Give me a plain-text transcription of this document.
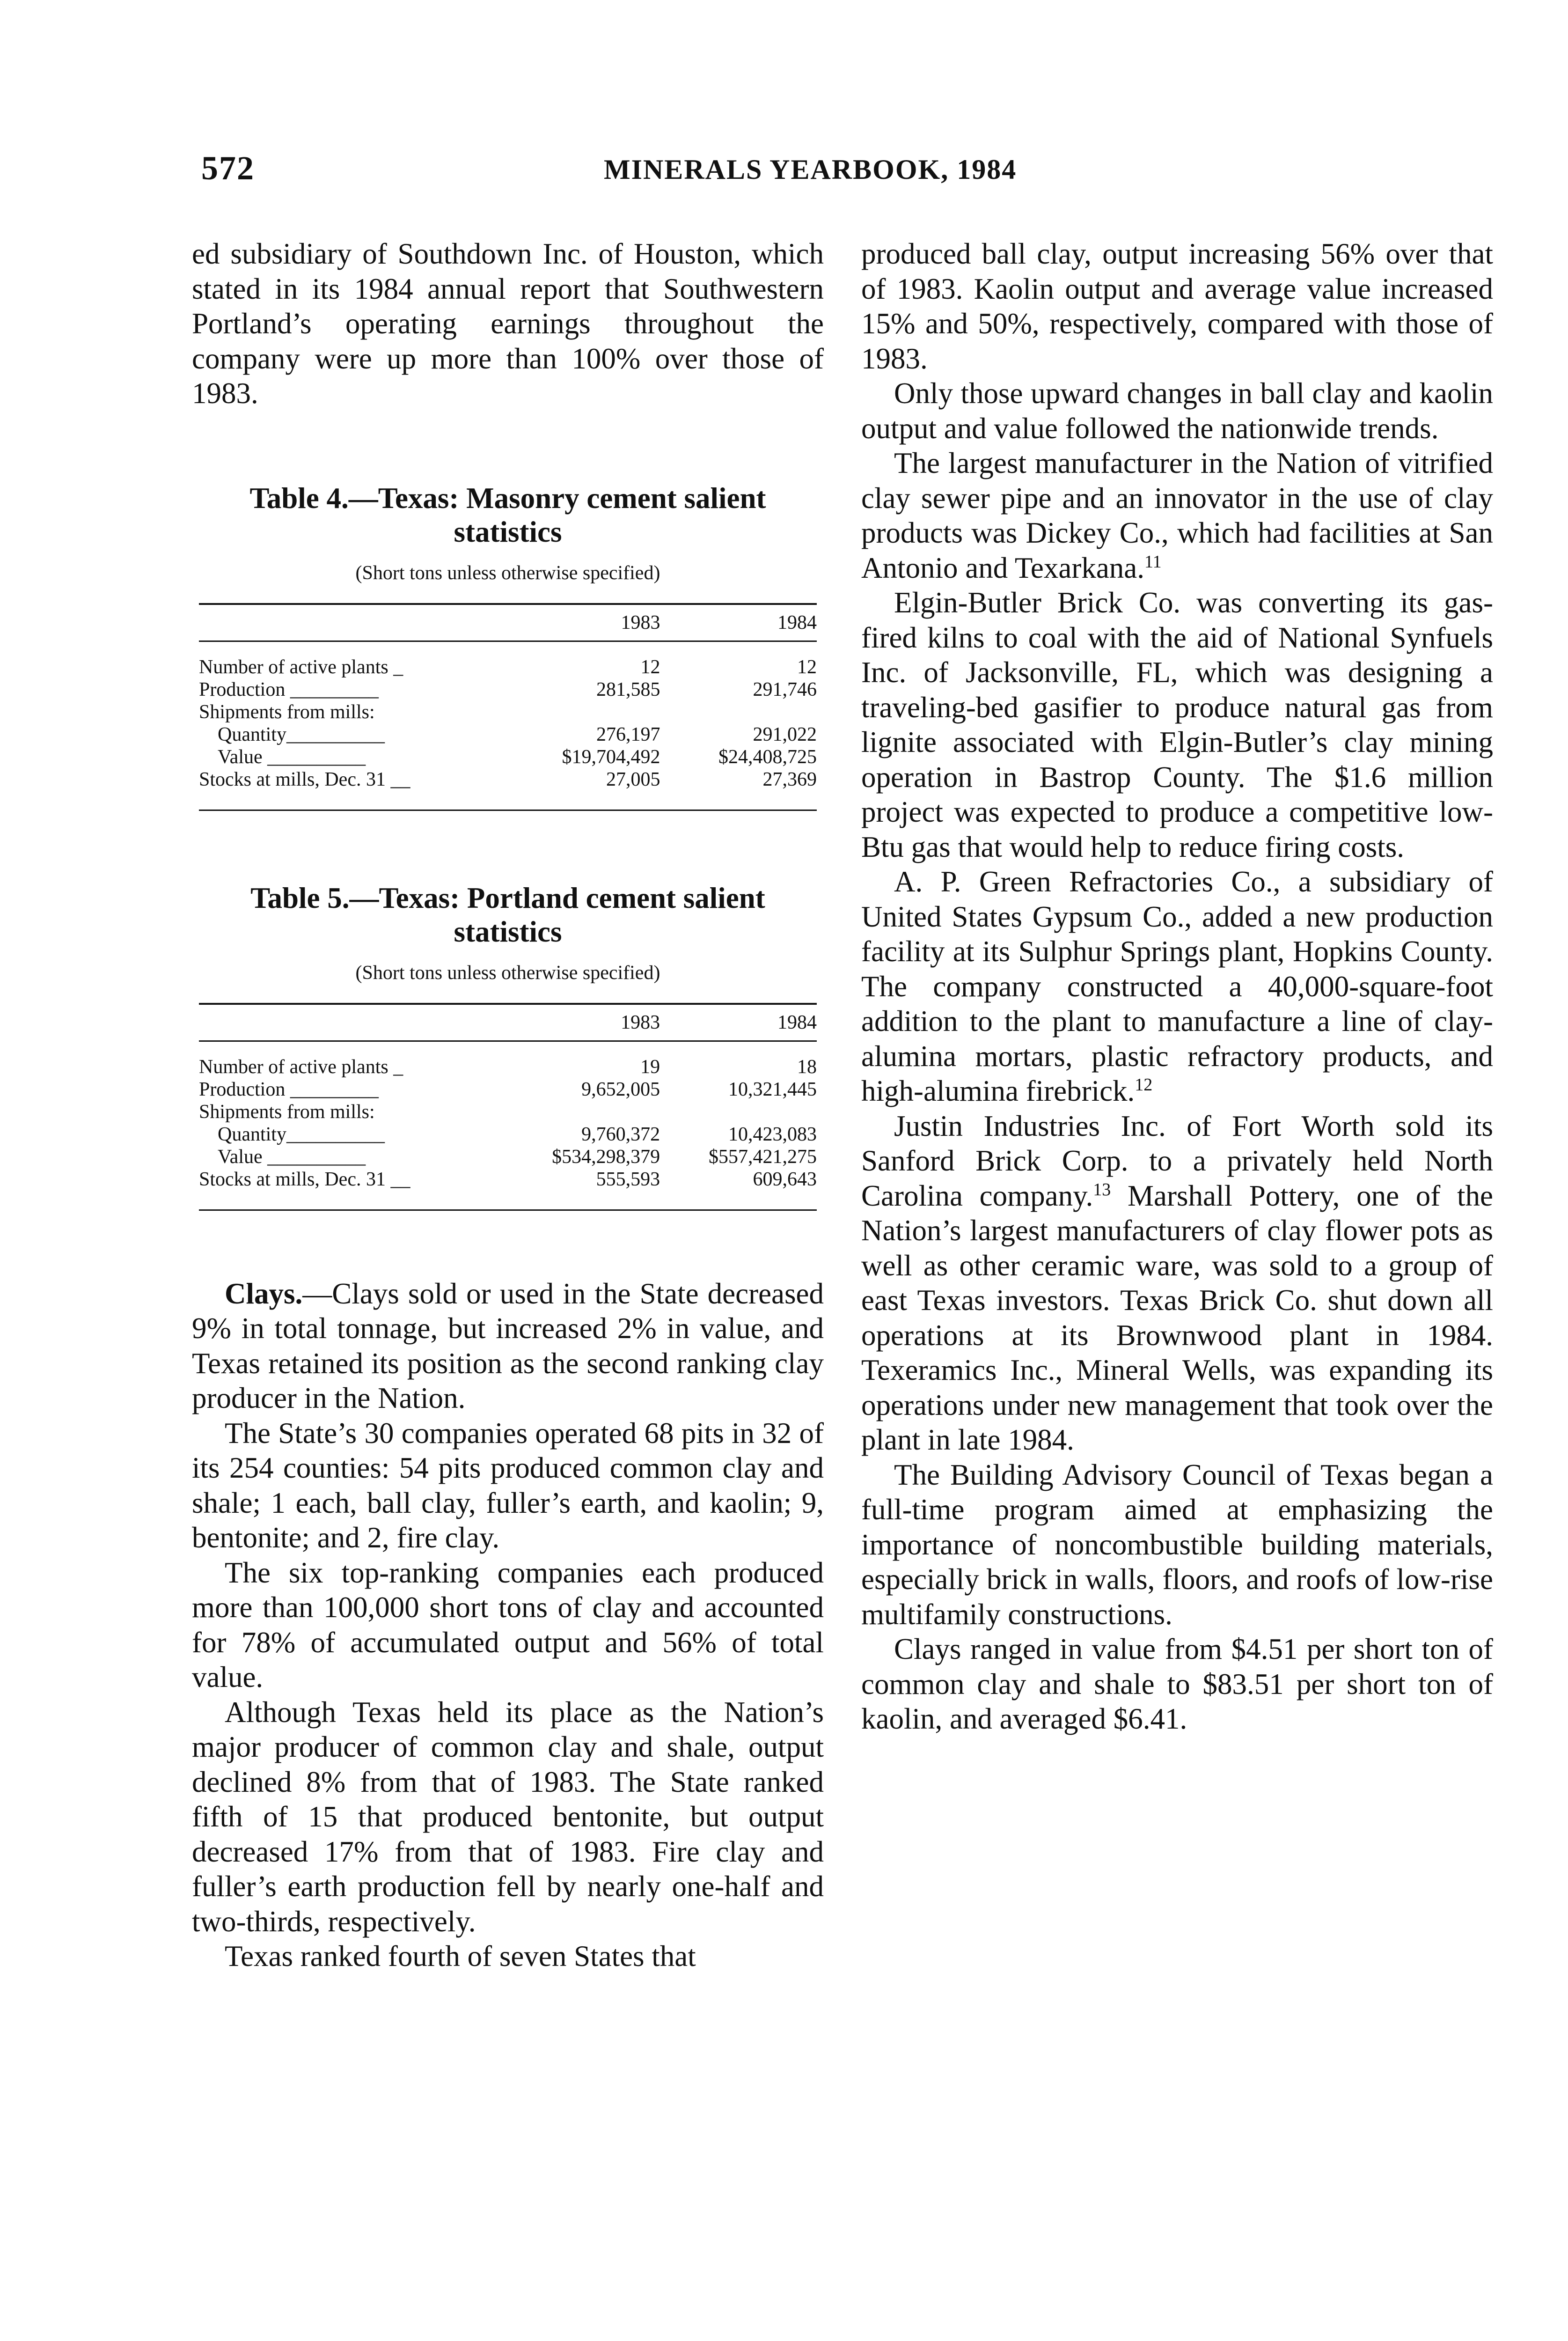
572	MINERALS YEARBOOK, 1984

ed subsidiary of Southdown Inc. of Houston, which stated in its 1984 annual report that Southwestern Portland’s operating earnings throughout the company were up more than 100% over those of 1983.

Table 4.—Texas: Masonry cement salient statistics
(Short tons unless otherwise specified)
	1983	1984
Number of active plants _	12	12
Production _________	281,585	291,746
Shipments from mills:		
Quantity__________	276,197	291,022
Value __________	$19,704,492	$24,408,725
Stocks at mills, Dec. 31 __	27,005	27,369
Table 5.—Texas: Portland cement salient statistics
(Short tons unless otherwise specified)
	1983	1984
Number of active plants _	19	18
Production _________	9,652,005	10,321,445
Shipments from mills:		
Quantity__________	9,760,372	10,423,083
Value __________	$534,298,379	$557,421,275
Stocks at mills, Dec. 31 __	555,593	609,643

Clays.—Clays sold or used in the State decreased 9% in total tonnage, but increased 2% in value, and Texas retained its position as the second ranking clay producer in the Nation.

The State’s 30 companies operated 68 pits in 32 of its 254 counties: 54 pits produced common clay and shale; 1 each, ball clay, fuller’s earth, and kaolin; 9, bentonite; and 2, fire clay.

The six top-ranking companies each produced more than 100,000 short tons of clay and accounted for 78% of accumulated output and 56% of total value.

Although Texas held its place as the Nation’s major producer of common clay and shale, output declined 8% from that of 1983. The State ranked fifth of 15 that produced bentonite, but output decreased 17% from that of 1983. Fire clay and fuller’s earth production fell by nearly one-half and two-thirds, respectively.

Texas ranked fourth of seven States that

produced ball clay, output increasing 56% over that of 1983. Kaolin output and average value increased 15% and 50%, respectively, compared with those of 1983.

Only those upward changes in ball clay and kaolin output and value followed the nationwide trends.

The largest manufacturer in the Nation of vitrified clay sewer pipe and an innovator in the use of clay products was Dickey Co., which had facilities at San Antonio and Texarkana.$^{11}$

Elgin-Butler Brick Co. was converting its gas-fired kilns to coal with the aid of National Synfuels Inc. of Jacksonville, FL, which was designing a traveling-bed gasifier to produce natural gas from lignite associated with Elgin-Butler’s clay mining operation in Bastrop County. The $1.6 million project was expected to produce a competitive low-Btu gas that would help to reduce firing costs.

A. P. Green Refractories Co., a subsidiary of United States Gypsum Co., added a new production facility at its Sulphur Springs plant, Hopkins County. The company constructed a 40,000-square-foot addition to the plant to manufacture a line of clay-alumina mortars, plastic refractory products, and high-alumina firebrick.$^{12}$

Justin Industries Inc. of Fort Worth sold its Sanford Brick Corp. to a privately held North Carolina company.$^{13}$ Marshall Pottery, one of the Nation’s largest manufacturers of clay flower pots as well as other ceramic ware, was sold to a group of east Texas investors. Texas Brick Co. shut down all operations at its Brownwood plant in 1984. Texeramics Inc., Mineral Wells, was expanding its operations under new management that took over the plant in late 1984.

The Building Advisory Council of Texas began a full-time program aimed at emphasizing the importance of noncombustible building materials, especially brick in walls, floors, and roofs of low-rise multifamily constructions.

Clays ranged in value from $4.51 per short ton of common clay and shale to $83.51 per short ton of kaolin, and averaged $6.41.
